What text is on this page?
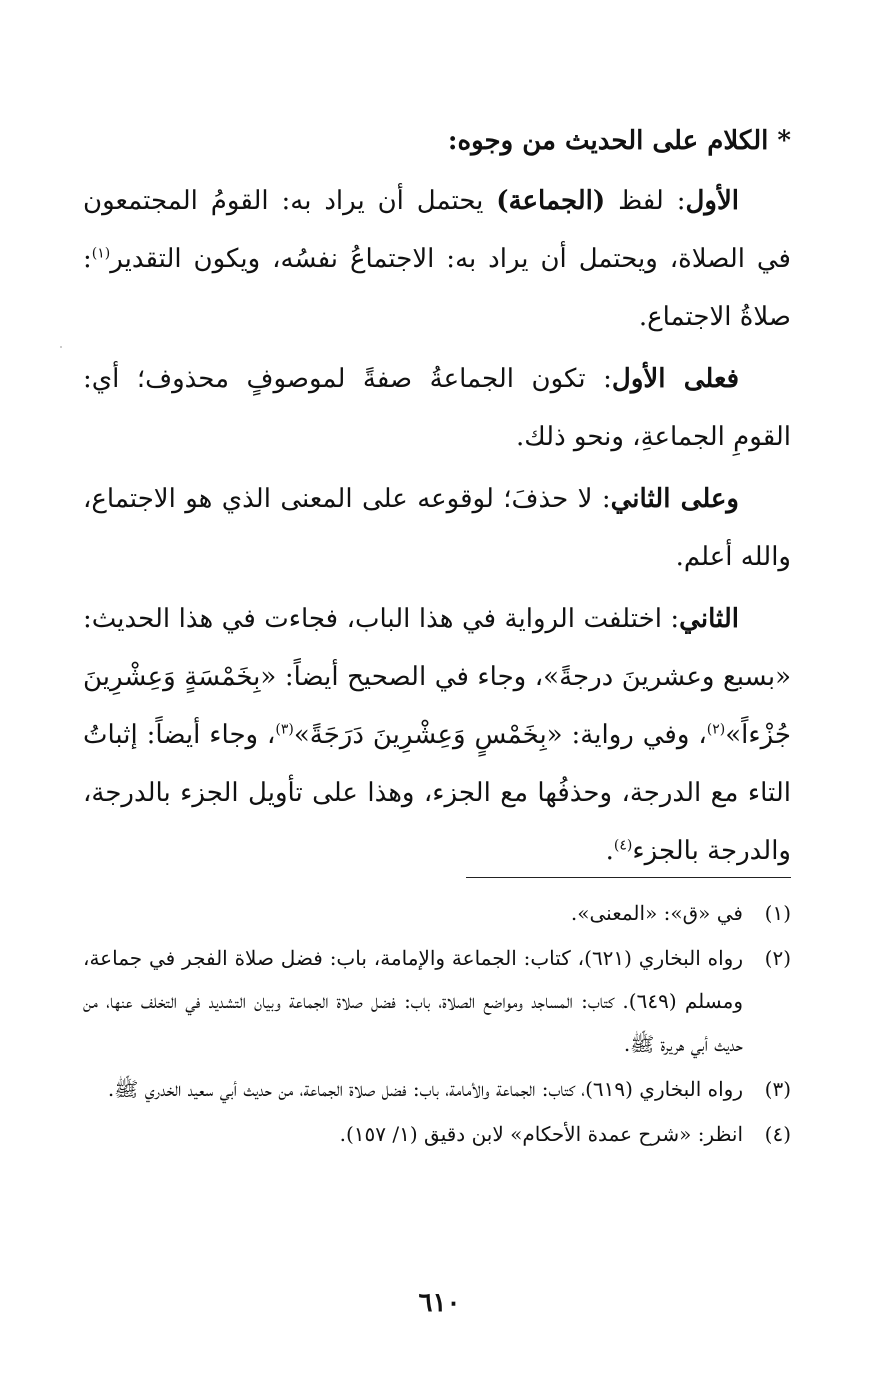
* الكلام على الحديث من وجوه:

الأول: لفظ (الجماعة) يحتمل أن يراد به: القومُ المجتمعون في الصلاة، ويحتمل أن يراد به: الاجتماعُ نفسُه، ويكون التقدير$^{(١)}$: صلاةُ الاجتماع.

فعلى الأول: تكون الجماعةُ صفةً لموصوفٍ محذوف؛ أي: القومِ الجماعةِ، ونحو ذلك.

وعلى الثاني: لا حذفَ؛ لوقوعه على المعنى الذي هو الاجتماع، والله أعلم.

الثاني: اختلفت الرواية في هذا الباب، فجاءت في هذا الحديث: «بسبع وعشرينَ درجةً»، وجاء في الصحيح أيضاً: «بِخَمْسَةٍ وَعِشْرِينَ جُزْءاً»$^{(٢)}$، وفي رواية: «بِخَمْسٍ وَعِشْرِينَ دَرَجَةً»$^{(٣)}$، وجاء أيضاً: إثباتُ التاء مع الدرجة، وحذفُها مع الجزء، وهذا على تأويل الجزء بالدرجة، والدرجة بالجزء$^{(٤)}$.

(١)
في «ق»: «المعنى».
(٢)
رواه البخاري (٦٢١)، كتاب: الجماعة والإمامة، باب: فضل صلاة الفجر في جماعة، ومسلم (٦٤٩). كتاب: المساجد ومواضع الصلاة، باب: فضل صلاة الجماعة وبيان التشديد في التخلف عنها، من حديث أبي هريرة ﷺ.
(٣)
رواه البخاري (٦١٩)، كتاب: الجماعة والأمامة، باب: فضل صلاة الجماعة، من حديث أبي سعيد الخدري ﷺ.
(٤)
انظر: «شرح عمدة الأحكام» لابن دقيق (١/ ١٥٧).
٦١٠
